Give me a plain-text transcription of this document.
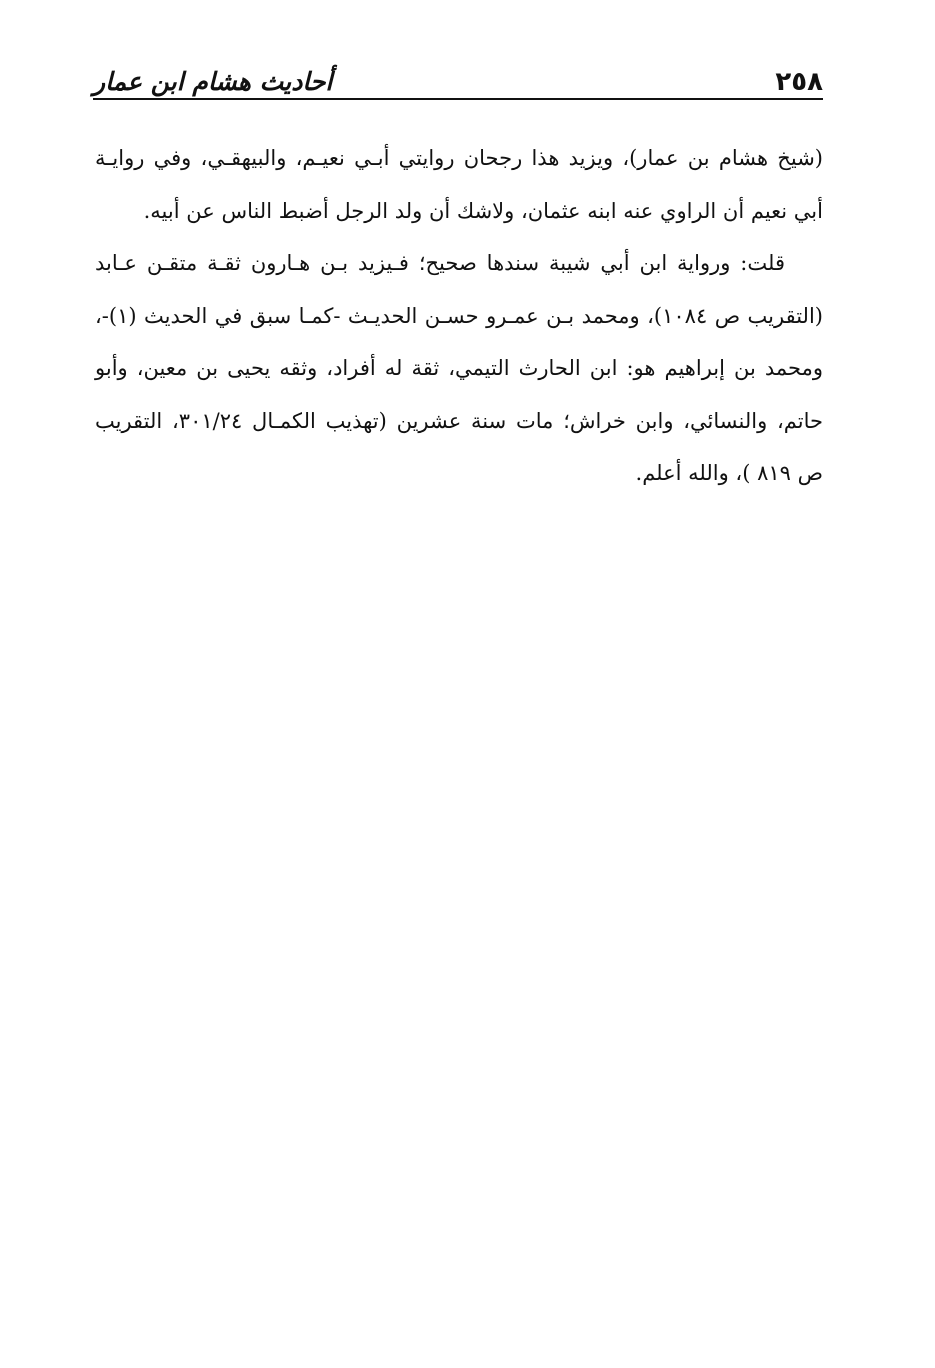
٢٥٨
أحاديث هشام ابن عمار

(شيخ هشام بن عمار)، ويزيد هذا رجحان روايتي أبـي نعيـم، والبيهقـي، وفي روايـة أبي نعيم أن الراوي عنه ابنه عثمان، ولاشك أن ولد الرجل أضبط الناس عن أبيه.

قلت: ورواية ابن أبي شيبة سندها صحيح؛ فـيزيد بـن هـارون ثقـة متقـن عـابد (التقريب ص ١٠٨٤)، ومحمد بـن عمـرو حسـن الحديـث -كمـا سبق في الحديث (١)-، ومحمد بن إبراهيم هو: ابن الحارث التيمي، ثقة له أفراد، وثقه يحيى بن معين، وأبو حاتم، والنسائي، وابن خراش؛ مات سنة عشرين (تهذيب الكمـال ٣٠١/٢٤، التقريب ص ٨١٩ )، والله أعلم.
